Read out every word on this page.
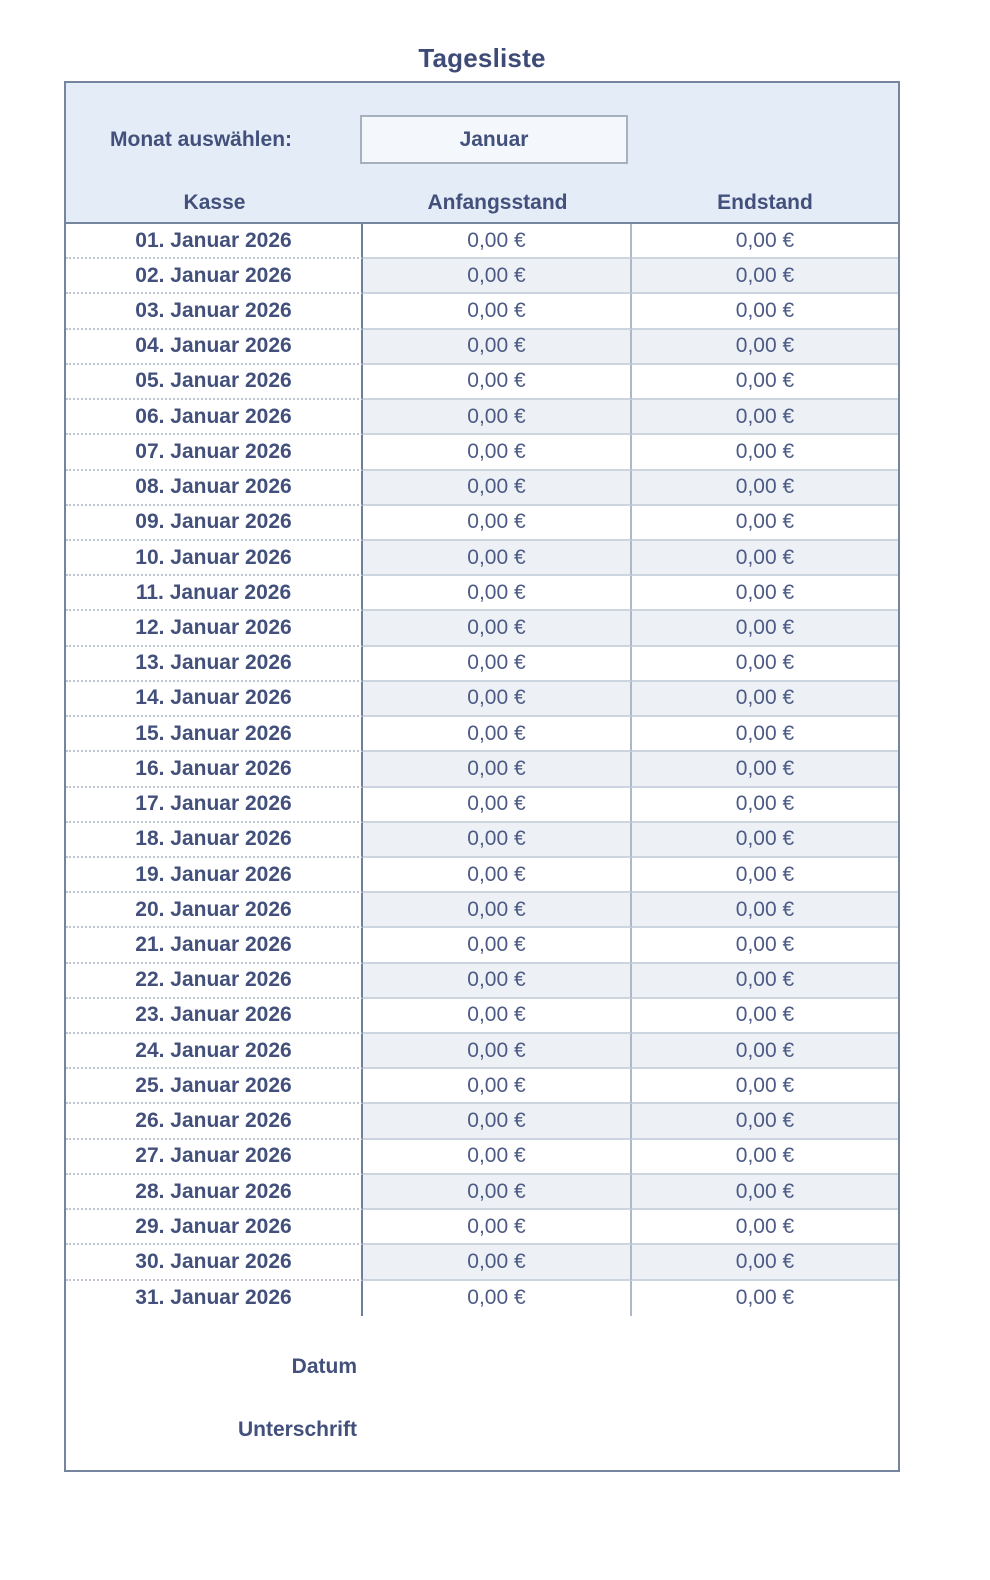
Tagesliste
Monat auswählen:	Januar
Kasse	Anfangsstand	Endstand
01. Januar 2026	0,00 €	0,00 €
02. Januar 2026	0,00 €	0,00 €
03. Januar 2026	0,00 €	0,00 €
04. Januar 2026	0,00 €	0,00 €
05. Januar 2026	0,00 €	0,00 €
06. Januar 2026	0,00 €	0,00 €
07. Januar 2026	0,00 €	0,00 €
08. Januar 2026	0,00 €	0,00 €
09. Januar 2026	0,00 €	0,00 €
10. Januar 2026	0,00 €	0,00 €
11. Januar 2026	0,00 €	0,00 €
12. Januar 2026	0,00 €	0,00 €
13. Januar 2026	0,00 €	0,00 €
14. Januar 2026	0,00 €	0,00 €
15. Januar 2026	0,00 €	0,00 €
16. Januar 2026	0,00 €	0,00 €
17. Januar 2026	0,00 €	0,00 €
18. Januar 2026	0,00 €	0,00 €
19. Januar 2026	0,00 €	0,00 €
20. Januar 2026	0,00 €	0,00 €
21. Januar 2026	0,00 €	0,00 €
22. Januar 2026	0,00 €	0,00 €
23. Januar 2026	0,00 €	0,00 €
24. Januar 2026	0,00 €	0,00 €
25. Januar 2026	0,00 €	0,00 €
26. Januar 2026	0,00 €	0,00 €
27. Januar 2026	0,00 €	0,00 €
28. Januar 2026	0,00 €	0,00 €
29. Januar 2026	0,00 €	0,00 €
30. Januar 2026	0,00 €	0,00 €
31. Januar 2026	0,00 €	0,00 €
Datum
Unterschrift
